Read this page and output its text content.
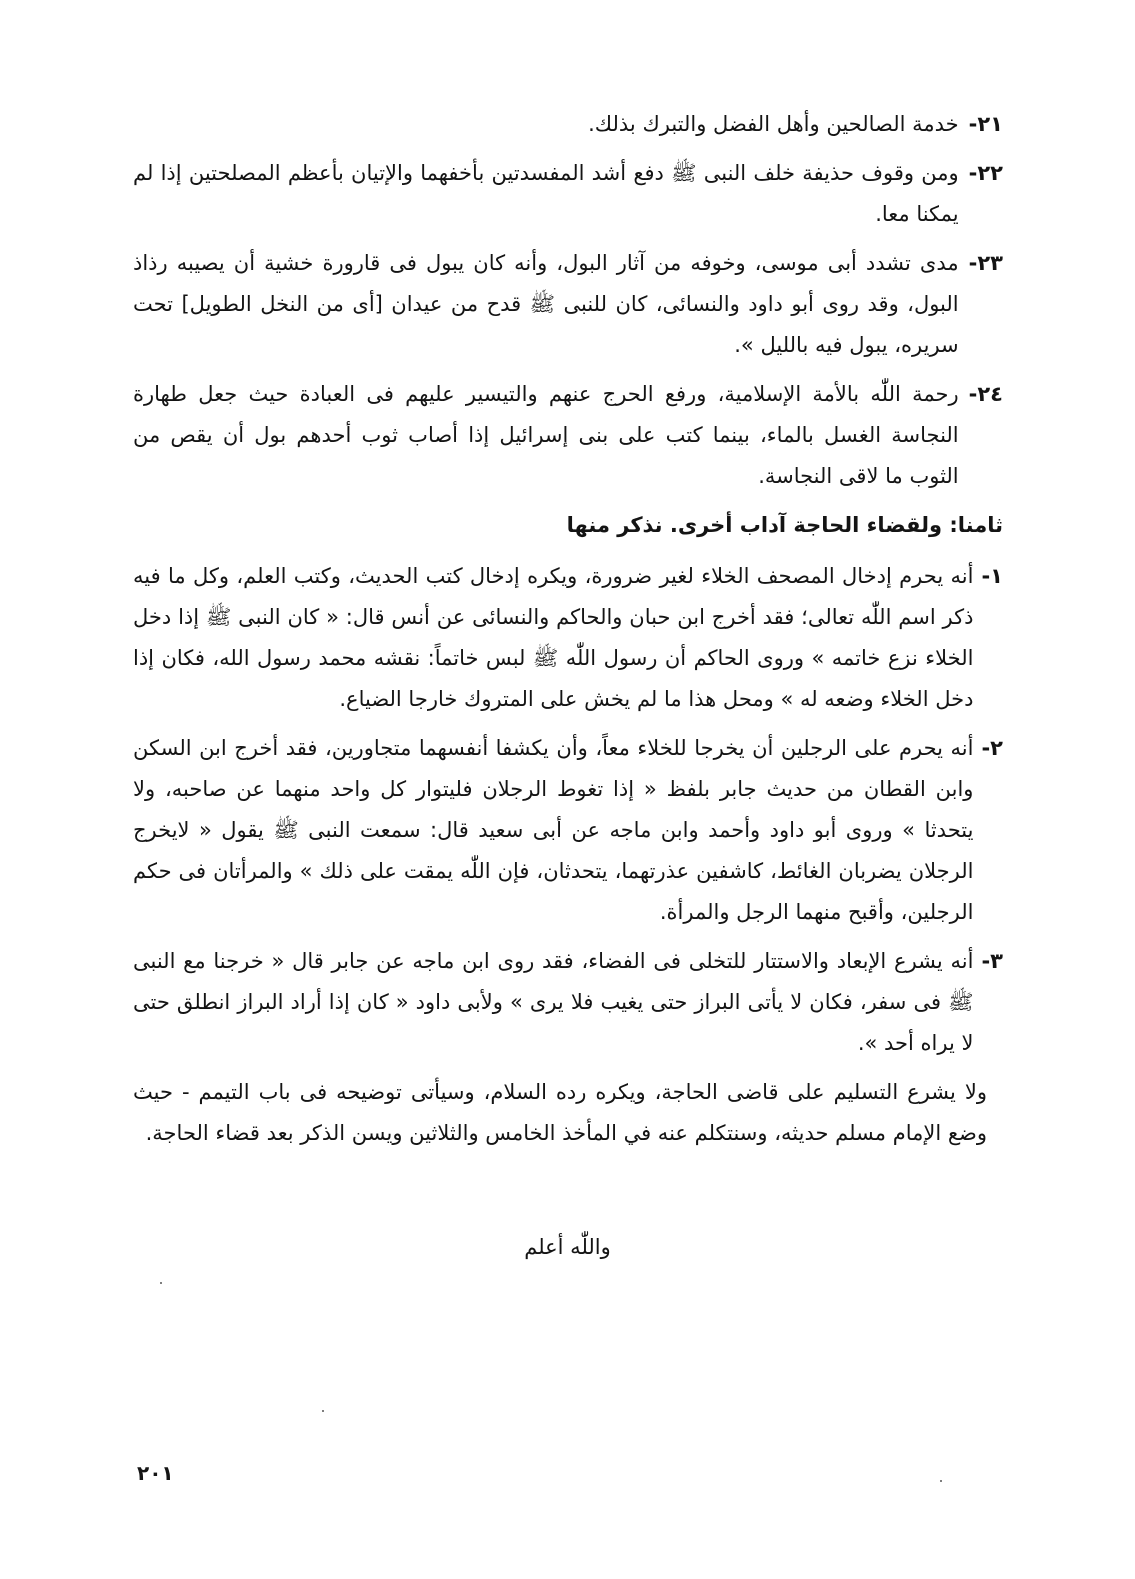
٢١-
خدمة الصالحين وأهل الفضل والتبرك بذلك.
٢٢-
ومن وقوف حذيفة خلف النبى ﷺ دفع أشد المفسدتين بأخفهما والإتيان بأعظم المصلحتين إذا لم يمكنا معا.
٢٣-
مدى تشدد أبى موسى، وخوفه من آثار البول، وأنه كان يبول فى قارورة خشية أن يصيبه رذاذ البول، وقد روى أبو داود والنسائى، كان للنبى ﷺ قدح من عيدان [أى من النخل الطويل] تحت سريره، يبول فيه بالليل ».
٢٤-
رحمة اللّٰه بالأمة الإسلامية، ورفع الحرج عنهم والتيسير عليهم فى العبادة حيث جعل طهارة النجاسة الغسل بالماء، بينما كتب على بنى إسرائيل إذا أصاب ثوب أحدهم بول أن يقص من الثوب ما لاقى النجاسة.
ثامنا: ولقضاء الحاجة آداب أخرى. نذكر منها
١-
أنه يحرم إدخال المصحف الخلاء لغير ضرورة، ويكره إدخال كتب الحديث، وكتب العلم، وكل ما فيه ذكر اسم اللّٰه تعالى؛ فقد أخرج ابن حبان والحاكم والنسائى عن أنس قال: « كان النبى ﷺ إذا دخل الخلاء نزع خاتمه » وروى الحاكم أن رسول اللّٰه ﷺ لبس خاتماً: نقشه محمد رسول الله، فكان إذا دخل الخلاء وضعه له » ومحل هذا ما لم يخش على المتروك خارجا الضياع.
٢-
أنه يحرم على الرجلين أن يخرجا للخلاء معاً، وأن يكشفا أنفسهما متجاورين، فقد أخرج ابن السكن وابن القطان من حديث جابر بلفظ « إذا تغوط الرجلان فليتوار كل واحد منهما عن صاحبه، ولا يتحدثا » وروى أبو داود وأحمد وابن ماجه عن أبى سعيد قال: سمعت النبى ﷺ يقول « لايخرج الرجلان يضربان الغائط، كاشفين عذرتهما، يتحدثان، فإن اللّٰه يمقت على ذلك » والمرأتان فى حكم الرجلين، وأقبح منهما الرجل والمرأة.
٣-
أنه يشرع الإبعاد والاستتار للتخلى فى الفضاء، فقد روى ابن ماجه عن جابر قال « خرجنا مع النبى ﷺ فى سفر، فكان لا يأتى البراز حتى يغيب فلا يرى » ولأبى داود « كان إذا أراد البراز انطلق حتى لا يراه أحد ».
ولا يشرع التسليم على قاضى الحاجة، ويكره رده السلام، وسيأتى توضيحه فى باب التيمم - حيث وضع الإمام مسلم حديثه، وسنتكلم عنه في المأخذ الخامس والثلاثين ويسن الذكر بعد قضاء الحاجة.
واللّٰه أعلم
٢٠١
